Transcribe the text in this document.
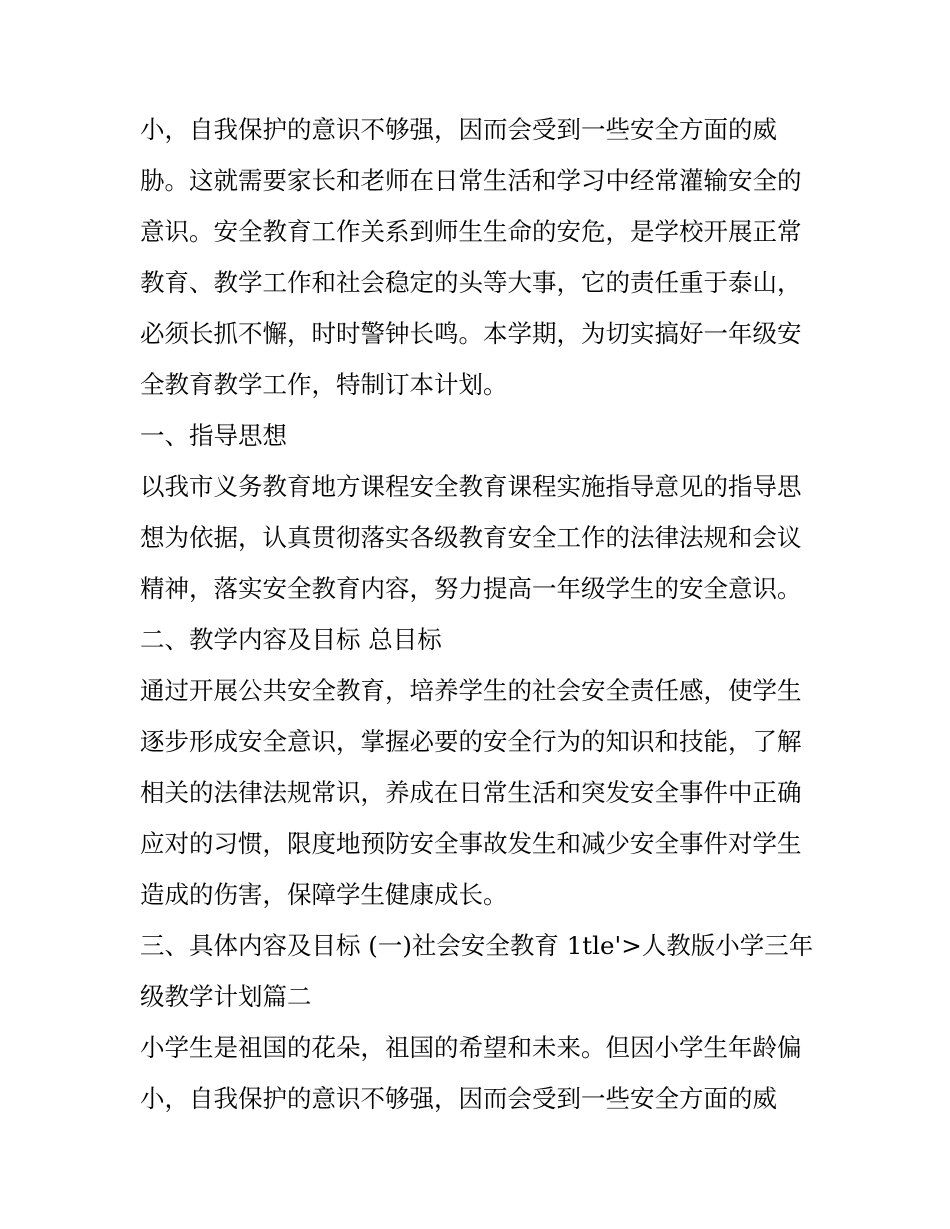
小，自我保护的意识不够强，因而会受到一些安全方面的威

胁。这就需要家长和老师在日常生活和学习中经常灌输安全的

意识。安全教育工作关系到师生生命的安危，是学校开展正常

教育、教学工作和社会稳定的头等大事，它的责任重于泰山，

必须长抓不懈，时时警钟长鸣。本学期，为切实搞好一年级安

全教育教学工作，特制订本计划。

一、指导思想

以我市义务教育地方课程安全教育课程实施指导意见的指导思

想为依据，认真贯彻落实各级教育安全工作的法律法规和会议

精神，落实安全教育内容，努力提高一年级学生的安全意识。

二、教学内容及目标 总目标

通过开展公共安全教育，培养学生的社会安全责任感，使学生

逐步形成安全意识，掌握必要的安全行为的知识和技能，了解

相关的法律法规常识，养成在日常生活和突发安全事件中正确

应对的习惯，限度地预防安全事故发生和减少安全事件对学生

造成的伤害，保障学生健康成长。

三、具体内容及目标 (一)社会安全教育 1tle'>人教版小学三年

级教学计划篇二

小学生是祖国的花朵，祖国的希望和未来。但因小学生年龄偏

小，自我保护的意识不够强，因而会受到一些安全方面的威
